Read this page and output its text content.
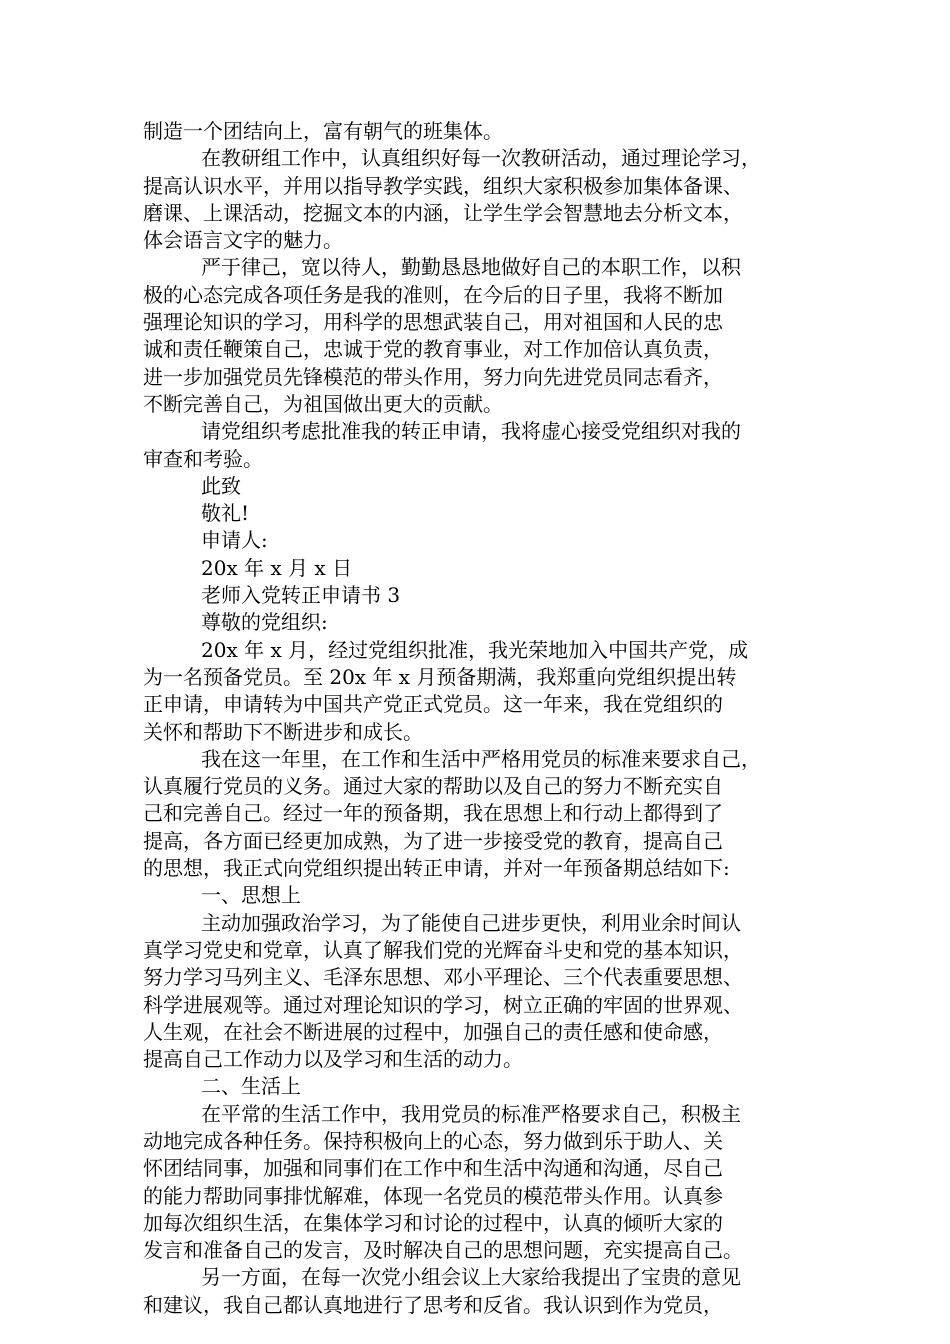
制造一个团结向上，富有朝气的班集体。
在教研组工作中，认真组织好每一次教研活动，通过理论学习，
提高认识水平，并用以指导教学实践，组织大家积极参加集体备课、
磨课、上课活动，挖掘文本的内涵，让学生学会智慧地去分析文本，
体会语言文字的魅力。
严于律己，宽以待人，勤勤恳恳地做好自己的本职工作，以积
极的心态完成各项任务是我的准则，在今后的日子里，我将不断加
强理论知识的学习，用科学的思想武装自己，用对祖国和人民的忠
诚和责任鞭策自己，忠诚于党的教育事业，对工作加倍认真负责，
进一步加强党员先锋模范的带头作用，努力向先进党员同志看齐，
不断完善自己，为祖国做出更大的贡献。
请党组织考虑批准我的转正申请，我将虚心接受党组织对我的
审查和考验。
此致
敬礼!
申请人:
20x 年 x 月 x 日
老师入党转正申请书 3
尊敬的党组织:
20x 年 x 月，经过党组织批准，我光荣地加入中国共产党，成
为一名预备党员。至 20x 年 x 月预备期满，我郑重向党组织提出转
正申请，申请转为中国共产党正式党员。这一年来，我在党组织的
关怀和帮助下不断进步和成长。
我在这一年里，在工作和生活中严格用党员的标准来要求自己，
认真履行党员的义务。通过大家的帮助以及自己的努力不断充实自
己和完善自己。经过一年的预备期，我在思想上和行动上都得到了
提高，各方面已经更加成熟，为了进一步接受党的教育，提高自己
的思想，我正式向党组织提出转正申请，并对一年预备期总结如下:
一、思想上
主动加强政治学习，为了能使自己进步更快，利用业余时间认
真学习党史和党章，认真了解我们党的光辉奋斗史和党的基本知识，
努力学习马列主义、毛泽东思想、邓小平理论、三个代表重要思想、
科学进展观等。通过对理论知识的学习，树立正确的牢固的世界观、
人生观，在社会不断进展的过程中，加强自己的责任感和使命感，
提高自己工作动力以及学习和生活的动力。
二、生活上
在平常的生活工作中，我用党员的标准严格要求自己，积极主
动地完成各种任务。保持积极向上的心态，努力做到乐于助人、关
怀团结同事，加强和同事们在工作中和生活中沟通和沟通，尽自己
的能力帮助同事排忧解难，体现一名党员的模范带头作用。认真参
加每次组织生活，在集体学习和讨论的过程中，认真的倾听大家的
发言和准备自己的发言，及时解决自己的思想问题，充实提高自己。
另一方面，在每一次党小组会议上大家给我提出了宝贵的意见
和建议，我自己都认真地进行了思考和反省。我认识到作为党员，
